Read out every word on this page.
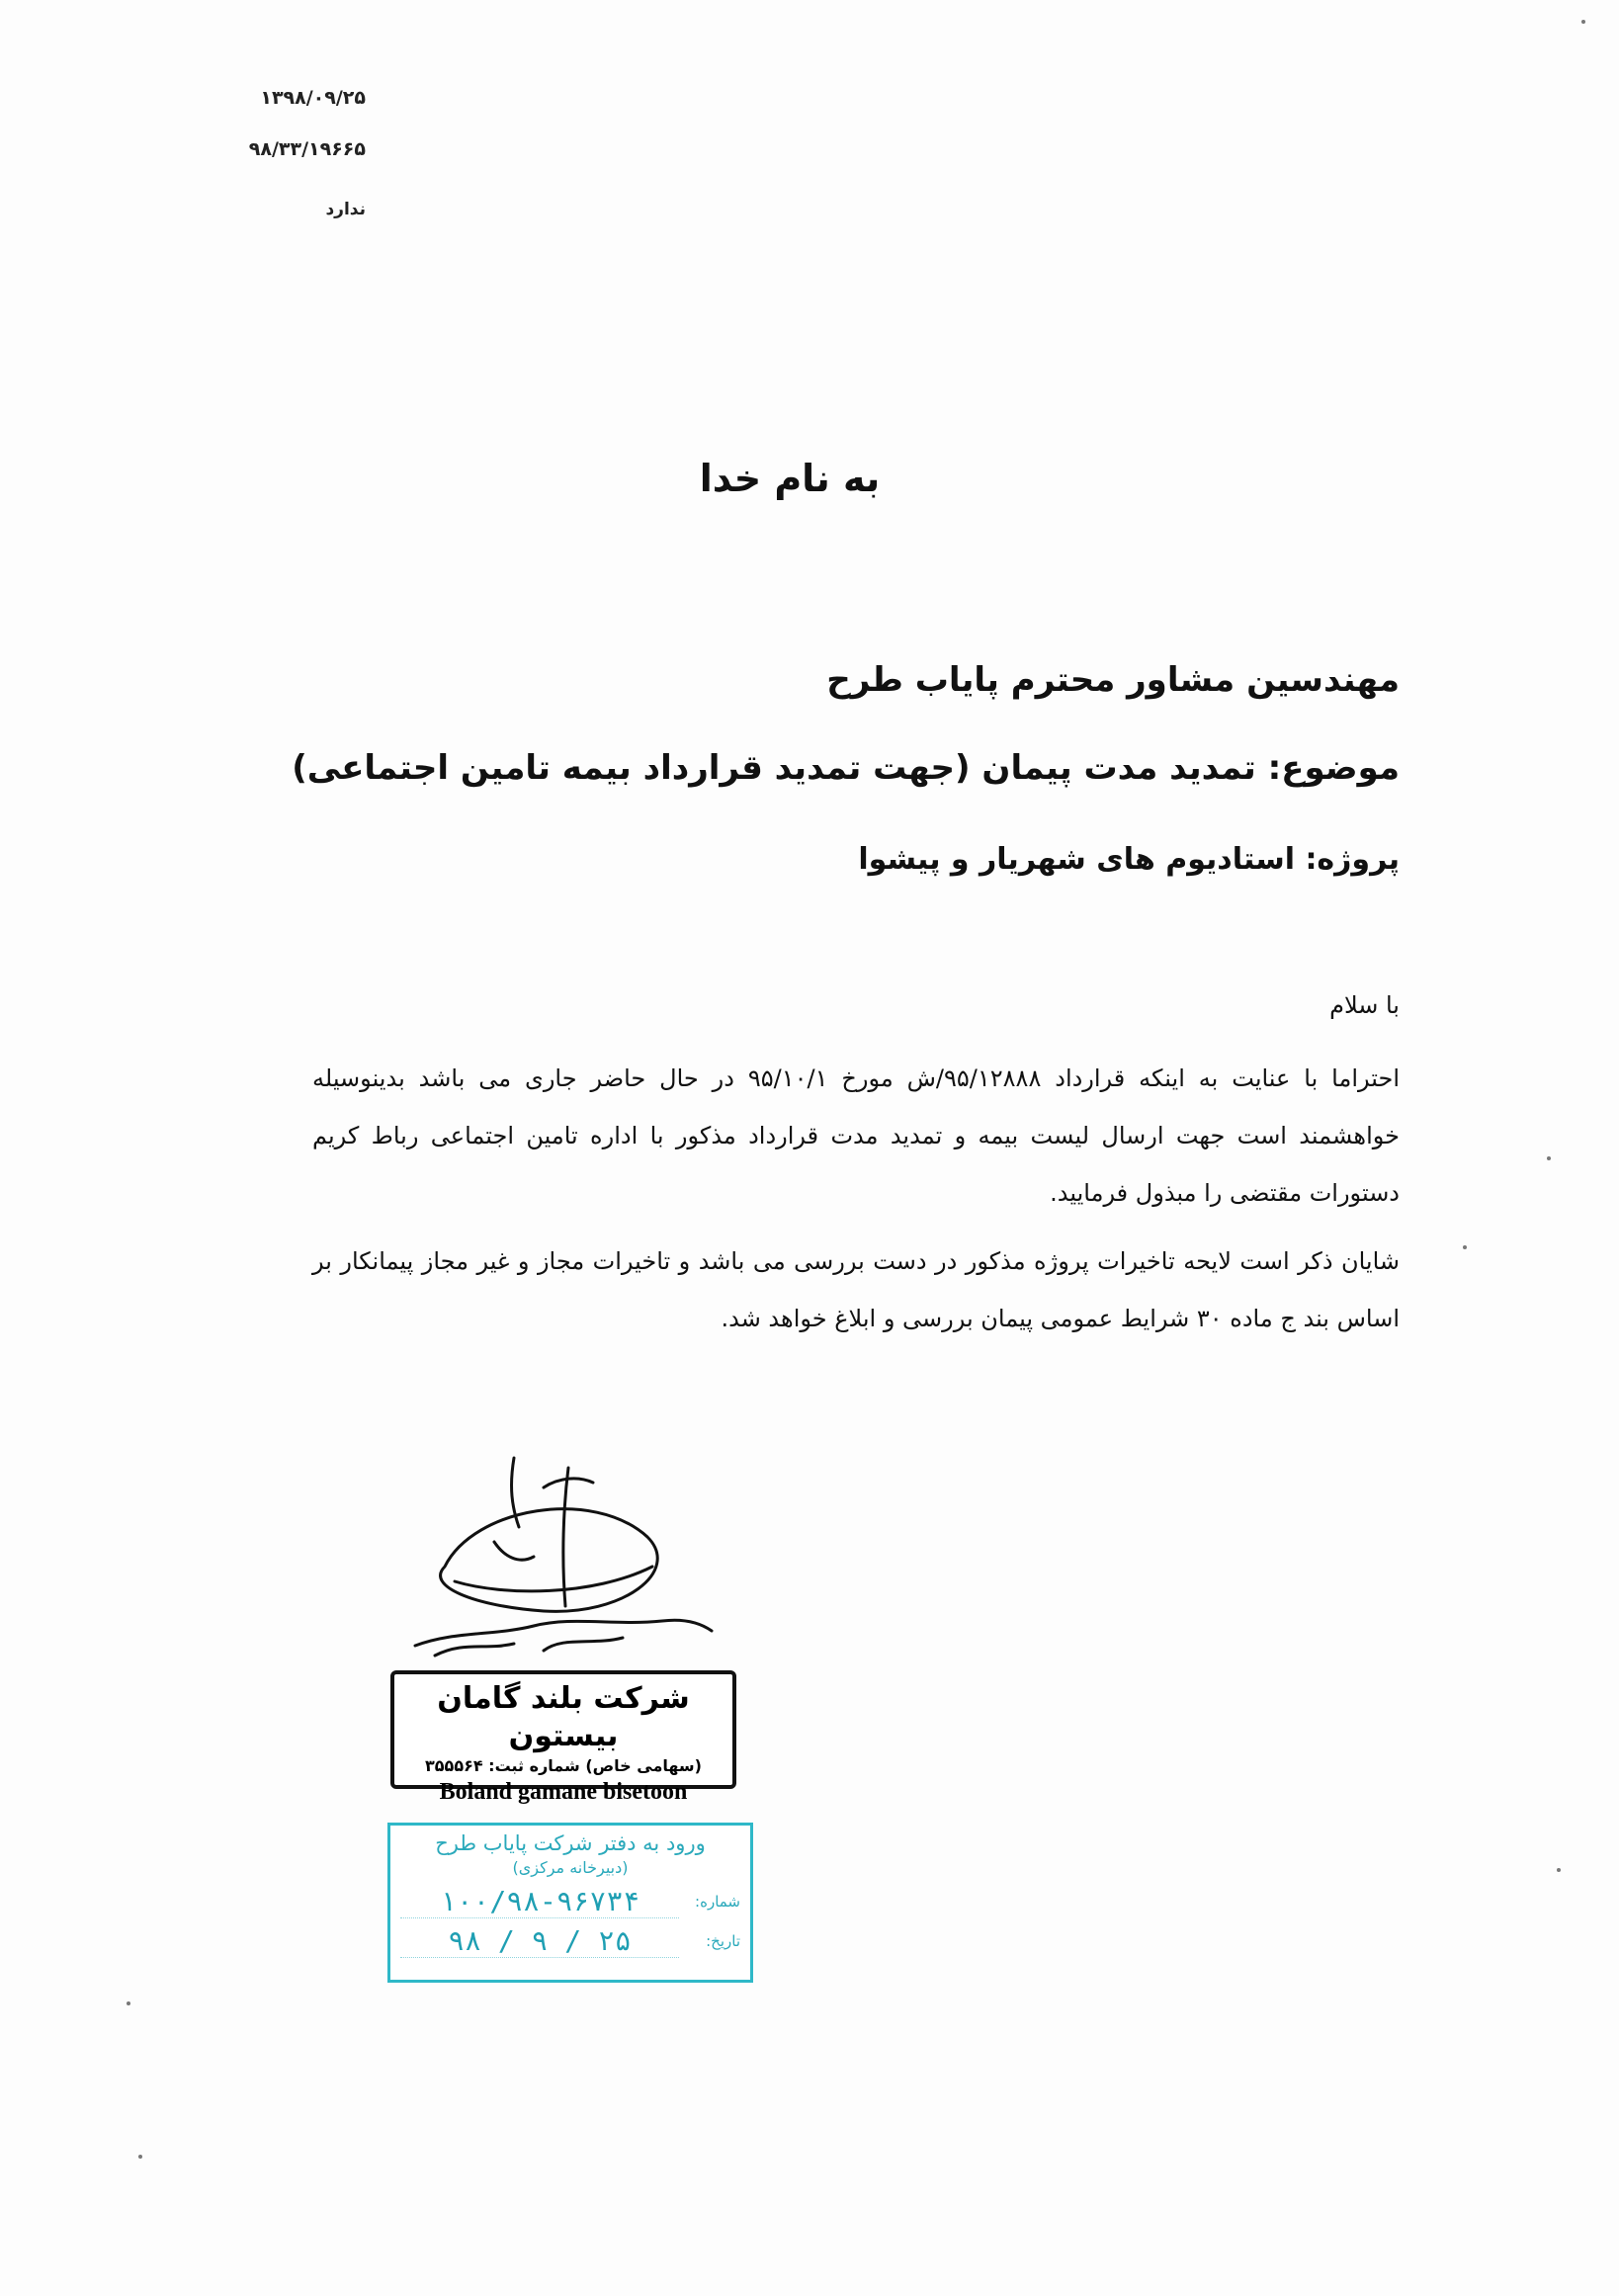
۱۳۹۸/۰۹/۲۵
۹۸/۳۳/۱۹۶۶۵
ندارد
به نام خدا
مهندسین مشاور محترم پایاب طرح
موضوع: تمدید مدت پیمان (جهت تمدید قرارداد بیمه تامین اجتماعی)
پروژه: استادیوم های شهریار و پیشوا
با سلام
احتراما با عنایت به اینکه قرارداد ۹۵/۱۲۸۸۸/ش مورخ ۹۵/۱۰/۱ در حال حاضر جاری می باشد بدینوسیله خواهشمند است جهت ارسال لیست بیمه و تمدید مدت قرارداد مذکور با اداره تامین اجتماعی رباط کریم دستورات مقتضی را مبذول فرمایید.
شایان ذکر است لایحه تاخیرات پروژه مذکور در دست بررسی می باشد و تاخیرات مجاز و غیر مجاز پیمانکار بر اساس بند ج ماده ۳۰ شرایط عمومی پیمان بررسی و ابلاغ خواهد شد.
شرکت بلند گامان بیستون
(سهامی خاص) شماره ثبت: ۳۵۵۵۶۴
Boland gamane bisetoon
ورود به دفتر شرکت پایاب طرح
(دبیرخانه مرکزی)
شماره:
۱۰۰/۹۸-۹۶۷۳۴
تاریخ:
۹۸ / ۹ / ۲۵
